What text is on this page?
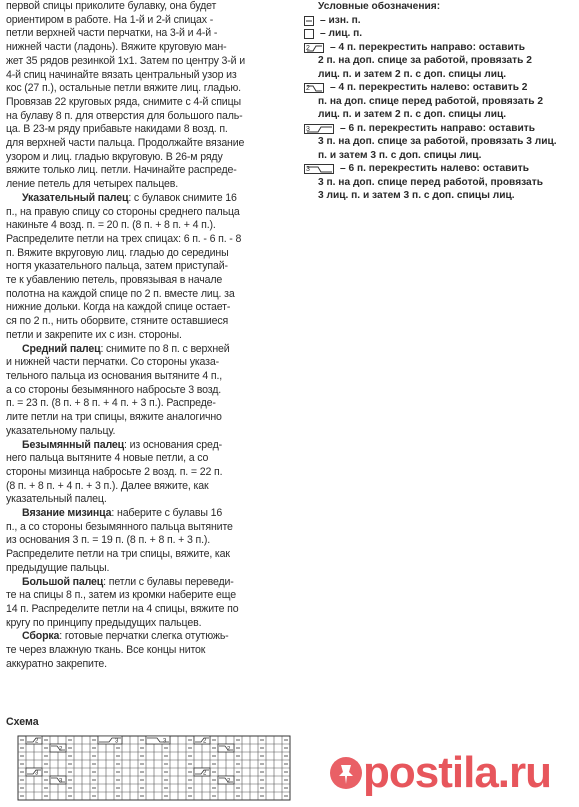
первой спицы приколите булавку, она будет
ориентиром в работе. На 1-й и 2-й спицах -
петли верхней части перчатки, на 3-й и 4-й -
нижней части (ладонь). Вяжите круговую ман-
жет 35 рядов резинкой 1х1. Затем по центру 3-й и
4-й спиц начинайте вязать центральный узор из
кос (27 п.), остальные петли вяжите лиц. гладью.
Провязав 22 круговых ряда, снимите с 4-й спицы
на булаву 8 п. для отверстия для большого паль-
ца. В 23-м ряду прибавьте накидами 8 возд. п.
для верхней части пальца. Продолжайте вязание
узором и лиц. гладью вкруговую. В 26-м ряду
вяжите только лиц. петли. Начинайте распреде-
ление петель для четырех пальцев.
Указательный палец: с булавок снимите 16
п., на правую спицу со стороны среднего пальца
накиньте 4 возд. п. = 20 п. (8 п. + 8 п. + 4 п.).
Распределите петли на трех спицах: 6 п. - 6 п. - 8
п. Вяжите вкруговую лиц. гладью до середины
ногтя указательного пальца, затем приступай-
те к убавлению петель, провязывая в начале
полотна на каждой спице по 2 п. вместе лиц. за
нижние дольки. Когда на каждой спице остает-
ся по 2 п., нить оборвите, стяните оставшиеся
петли и закрепите их с изн. стороны.
Средний палец: снимите по 8 п. с верхней
и нижней части перчатки. Со стороны указа-
тельного пальца из основания вытяните 4 п.,
а со стороны безымянного набросьте 3 возд.
п. = 23 п. (8 п. + 8 п. + 4 п. + 3 п.). Распреде-
лите петли на три спицы, вяжите аналогично
указательному пальцу.
Безымянный палец: из основания сред-
него пальца вытяните 4 новые петли, а со
стороны мизинца набросьте 2 возд. п. = 22 п.
(8 п. + 8 п. + 4 п. + 3 п.). Далее вяжите, как
указательный палец.
Вязание мизинца: наберите с булавы 16
п., а со стороны безымянного пальца вытяните
из основания 3 п. = 19 п. (8 п. + 8 п. + 3 п.).
Распределите петли на три спицы, вяжите, как
предыдущие пальцы.
Большой палец: петли с булавы переведи-
те на спицы 8 п., затем из кромки наберите еще
14 п. Распределите петли на 4 спицы, вяжите по
кругу по принципу предыдущих пальцев.
Сборка: готовые перчатки слегка отутюжь-
те через влажную ткань. Все концы ниток
аккуратно закрепите.

Условные обозначения:

– изн. п.
– лиц. п.
2	– 4 п. перекрестить направо: оставить
2 п. на доп. спице за работой, провязать 2
лиц. п. и затем 2 п. с доп. спицы лиц.
2	– 4 п. перекрестить налево: оставить 2
п. на доп. спице перед работой, провязать 2
лиц. п. и затем 2 п. с доп. спицы лиц.
3	– 6 п. перекрестить направо: оставить
3 п. на доп. спице за работой, провязать 3 лиц.
п. и затем 3 п. с доп. спицы лиц.
3	– 6 п. перекрестить налево: оставить
3 п. на доп. спице перед работой, провязать
3 лиц. п. и затем 3 п. с доп. спицы лиц.
Схема
2
2
3	3	2
2
3
3
2
2	postila.ru
